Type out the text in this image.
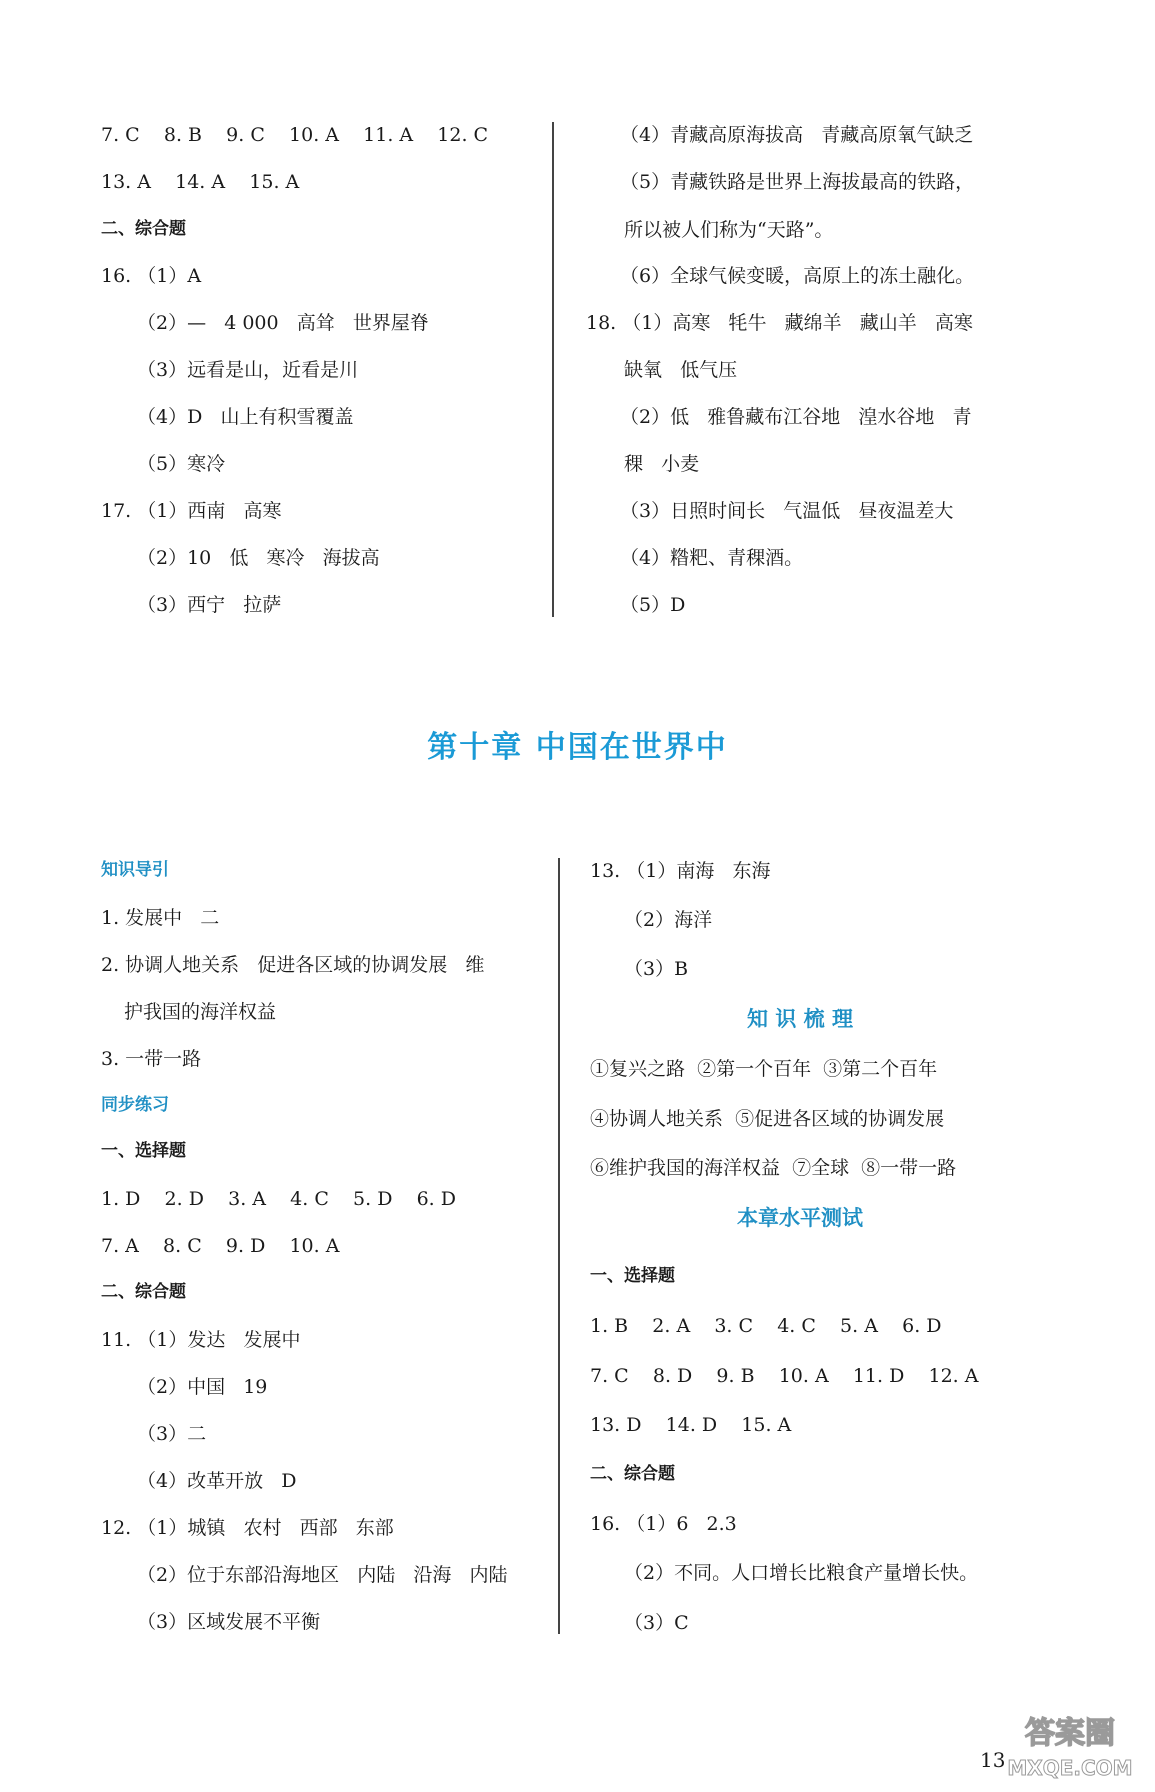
7. C    8. B    9. C    10. A    11. A    12. C
13. A    14. A    15. A
二、综合题
16. （1）A
（2）—   4 000   高耸   世界屋脊
（3）远看是山，近看是川
（4）D   山上有积雪覆盖
（5）寒冷
17. （1）西南   高寒
（2）10   低   寒冷   海拔高
（3）西宁   拉萨
（4）青藏高原海拔高   青藏高原氧气缺乏
（5）青藏铁路是世界上海拔最高的铁路，
所以被人们称为“天路”。
（6）全球气候变暖，高原上的冻土融化。
18. （1）高寒   牦牛   藏绵羊   藏山羊   高寒
缺氧   低气压
（2）低   雅鲁藏布江谷地   湟水谷地   青
稞   小麦
（3）日照时间长   气温低   昼夜温差大
（4）糌粑、青稞酒。
（5）D
第十章 中国在世界中
知识导引
1. 发展中   二
2. 协调人地关系   促进各区域的协调发展   维
护我国的海洋权益
3. 一带一路
同步练习
一、选择题
1. D    2. D    3. A    4. C    5. D    6. D
7. A    8. C    9. D    10. A
二、综合题
11. （1）发达   发展中
（2）中国   19
（3）二
（4）改革开放   D
12. （1）城镇   农村   西部   东部
（2）位于东部沿海地区   内陆   沿海   内陆
（3）区域发展不平衡
13. （1）南海   东海
（2）海洋
（3）B
知 识 梳 理
①复兴之路  ②第一个百年  ③第二个百年
④协调人地关系  ⑤促进各区域的协调发展
⑥维护我国的海洋权益  ⑦全球  ⑧一带一路
本章水平测试
一、选择题
1. B    2. A    3. C    4. C    5. A    6. D
7. C    8. D    9. B    10. A    11. D    12. A
13. D    14. D    15. A
二、综合题
16. （1）6   2.3
（2）不同。人口增长比粮食产量增长快。
（3）C
13
答案圈
MXQE.COM
